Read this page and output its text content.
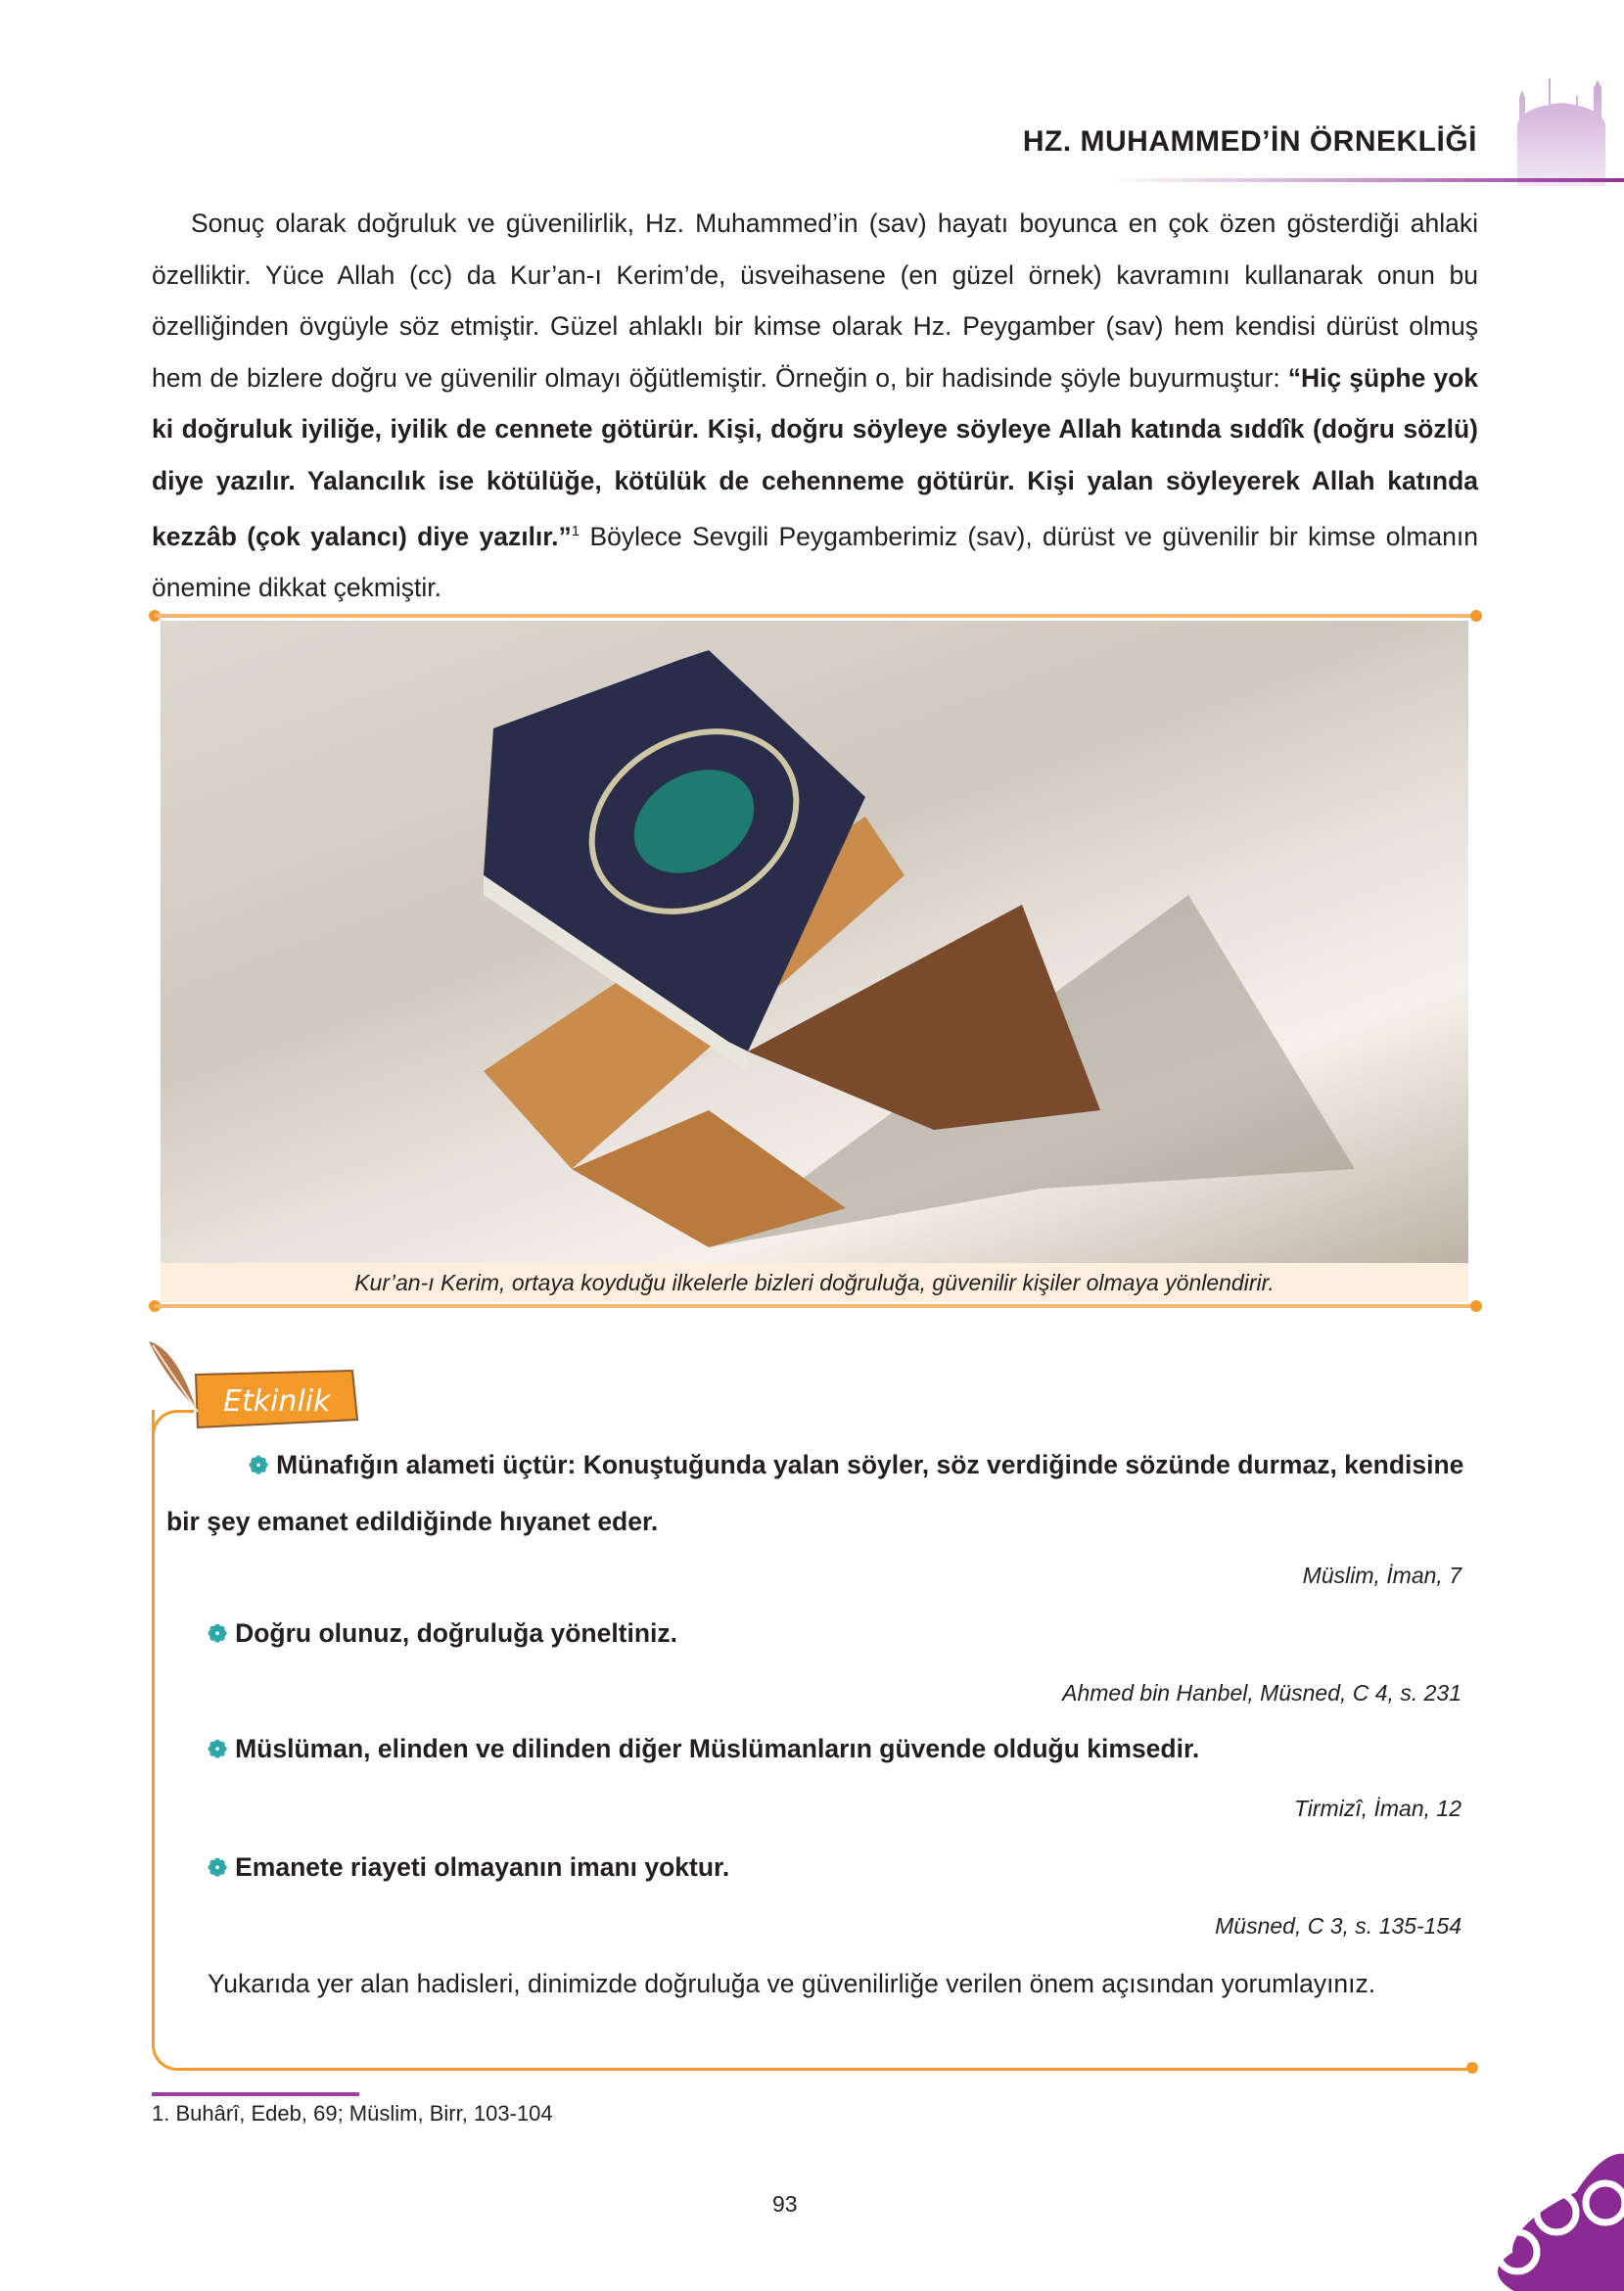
HZ. MUHAMMED’İN ÖRNEKLİĞİ

Sonuç olarak doğruluk ve güvenilirlik, Hz. Muhammed’in (sav) hayatı boyunca en çok özen gösterdiği ahlaki özelliktir. Yüce Allah (cc) da Kur’an-ı Kerim’de, üsveihasene (en güzel örnek) kavramını kullanarak onun bu özelliğinden övgüyle söz etmiştir. Güzel ahlaklı bir kimse olarak Hz. Peygamber (sav) hem kendisi dürüst olmuş hem de bizlere doğru ve güvenilir olmayı öğütlemiştir. Örneğin o, bir hadisinde şöyle buyurmuştur: “Hiç şüphe yok ki doğruluk iyiliğe, iyilik de cennete götürür. Kişi, doğru söyleye söyleye Allah katında sıddîk (doğru sözlü) diye yazılır. Yalancılık ise kötülüğe, kötülük de cehenneme götürür. Kişi yalan söyleyerek Allah katında kezzâb (çok yalancı) diye yazılır.”$^1$ Böylece Sevgili Peygamberimiz (sav), dürüst ve güvenilir bir kimse olmanın önemine dikkat çekmiştir.

Kur’an-ı Kerim, ortaya koyduğu ilkelerle bizleri doğruluğa, güvenilir kişiler olmaya yönlendirir.
Etkinlik
❁ Münafığın alameti üçtür: Konuştuğunda yalan söyler, söz verdiğinde sözünde durmaz, kendisine bir şey emanet edildiğinde hıyanet eder.
Müslim, İman, 7
❁ Doğru olunuz, doğruluğa yöneltiniz.
Ahmed bin Hanbel, Müsned, C 4, s. 231
❁ Müslüman, elinden ve dilinden diğer Müslümanların güvende olduğu kimsedir.
Tirmizî, İman, 12
❁ Emanete riayeti olmayanın imanı yoktur.
Müsned, C 3, s. 135-154
Yukarıda yer alan hadisleri, dinimizde doğruluğa ve güvenilirliğe verilen önem açısından yorumlayınız.
1. Buhârî, Edeb, 69; Müslim, Birr, 103-104
93
